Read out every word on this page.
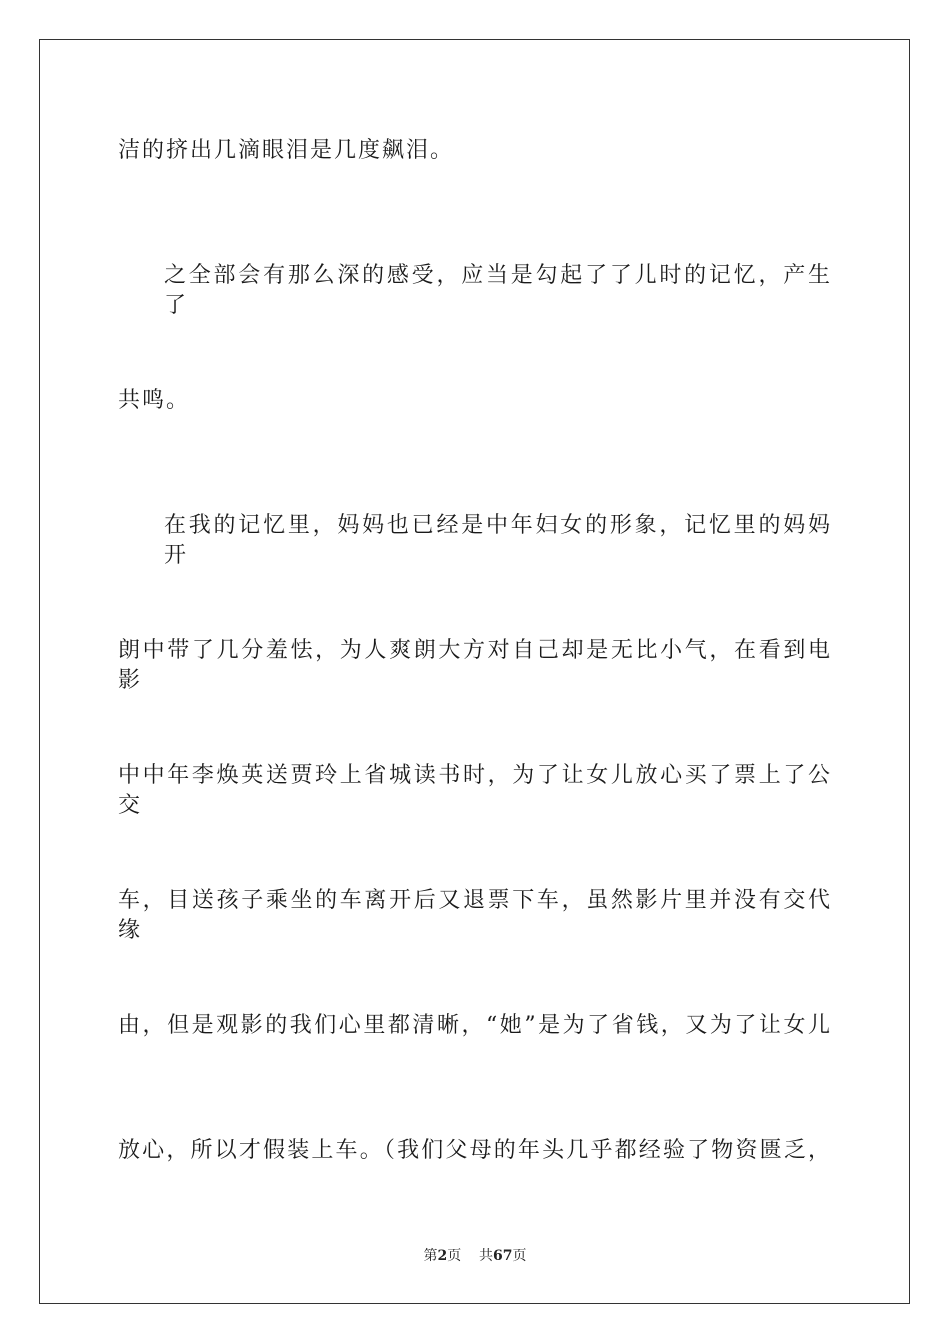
洁的挤出几滴眼泪是几度飙泪。
之全部会有那么深的感受，应当是勾起了了儿时的记忆，产生了
共鸣。
在我的记忆里，妈妈也已经是中年妇女的形象，记忆里的妈妈开
朗中带了几分羞怯，为人爽朗大方对自己却是无比小气，在看到电影
中中年李焕英送贾玲上省城读书时，为了让女儿放心买了票上了公交
车，目送孩子乘坐的车离开后又退票下车，虽然影片里并没有交代缘
由，但是观影的我们心里都清晰，“她”是为了省钱，又为了让女儿
放心，所以才假装上车。（我们父母的年头几乎都经验了物资匮乏，
第2页 共67页
